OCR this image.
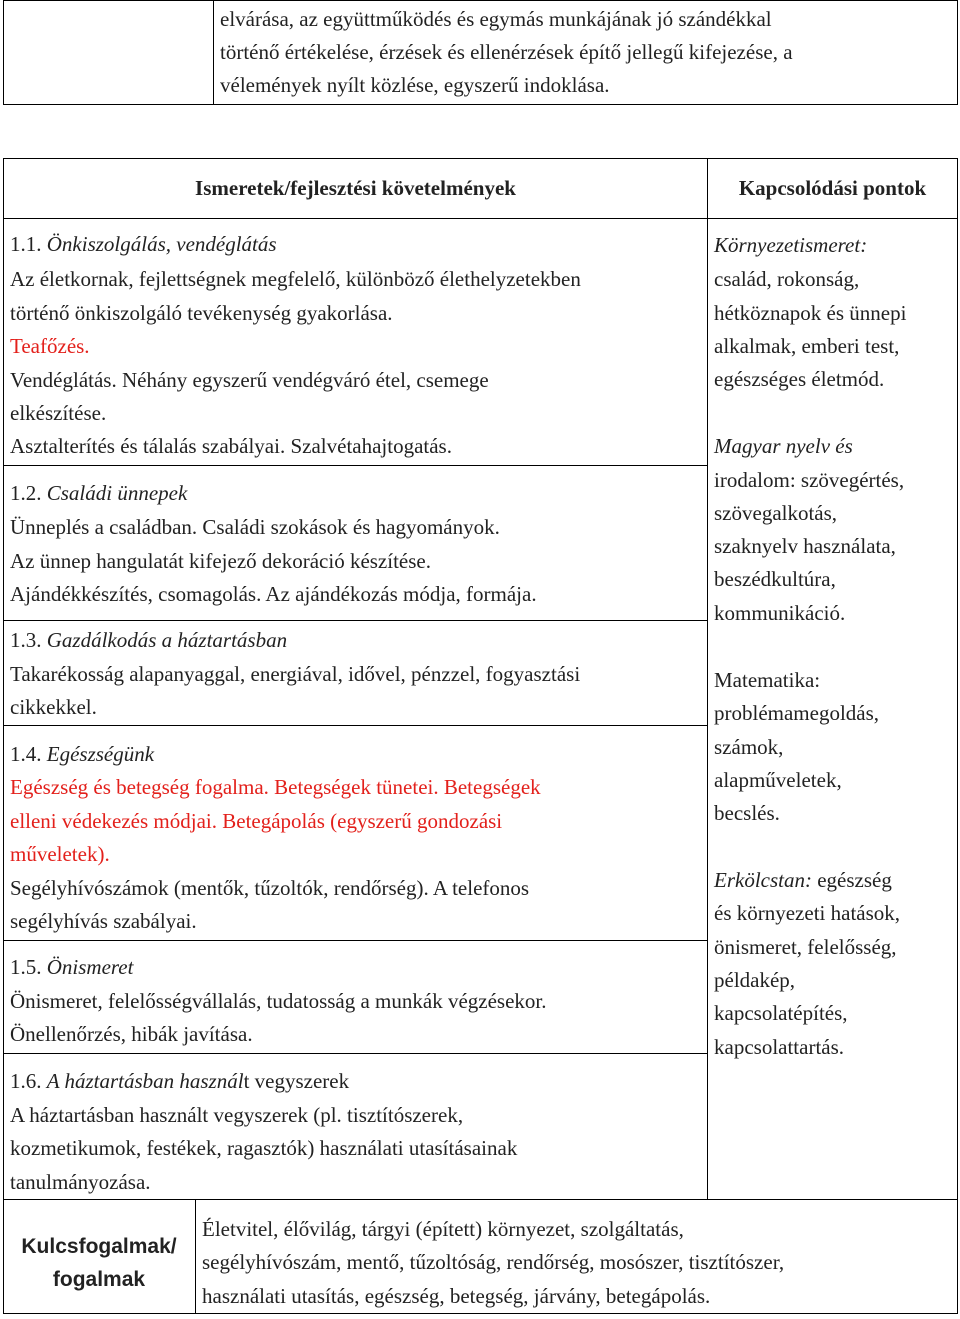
elvárása, az együttműködés és egymás munkájának jó szándékkal

történő értékelése, érzések és ellenérzések építő jellegű kifejezése, a

vélemények nyílt közlése, egyszerű indoklása.

Ismeretek/fejlesztési követelmények	Kapcsolódási pontok

1.1. Önkiszolgálás, vendéglátás

Az életkornak, fejlettségnek megfelelő, különböző élethelyzetekben

történő önkiszolgáló tevékenység gyakorlása.

Teafőzés.

Vendéglátás. Néhány egyszerű vendégváró étel, csemege

elkészítése.

Asztalterítés és tálalás szabályai. Szalvétahajtogatás.

1.2. Családi ünnepek

Ünneplés a családban. Családi szokások és hagyományok.

Az ünnep hangulatát kifejező dekoráció készítése.

Ajándékkészítés, csomagolás. Az ajándékozás módja, formája.

1.3. Gazdálkodás a háztartásban

Takarékosság alapanyaggal, energiával, idővel, pénzzel, fogyasztási

cikkekkel.

1.4. Egészségünk

Egészség és betegség fogalma. Betegségek tünetei. Betegségek

elleni védekezés módjai. Betegápolás (egyszerű gondozási

műveletek).

Segélyhívószámok (mentők, tűzoltók, rendőrség). A telefonos

segélyhívás szabályai.

1.5. Önismeret

Önismeret, felelősségvállalás, tudatosság a munkák végzésekor.

Önellenőrzés, hibák javítása.

1.6. A háztartásban használt vegyszerek

A háztartásban használt vegyszerek (pl. tisztítószerek,

kozmetikumok, festékek, ragasztók) használati utasításainak

tanulmányozása.

Környezetismeret:

család, rokonság,

hétköznapok és ünnepi

alkalmak, emberi test,

egészséges életmód.

Magyar nyelv és

irodalom: szövegértés,

szövegalkotás,

szaknyelv használata,

beszédkultúra,

kommunikáció.

Matematika:

problémamegoldás,

számok,

alapműveletek,

becslés.

Erkölcstan: egészség

és környezeti hatások,

önismeret, felelősség,

példakép,

kapcsolatépítés,

kapcsolattartás.

Kulcsfogalmak/
fogalmak

Életvitel, élővilág, tárgyi (épített) környezet, szolgáltatás,

segélyhívószám, mentő, tűzoltóság, rendőrség, mosószer, tisztítószer,

használati utasítás, egészség, betegség, járvány, betegápolás.
